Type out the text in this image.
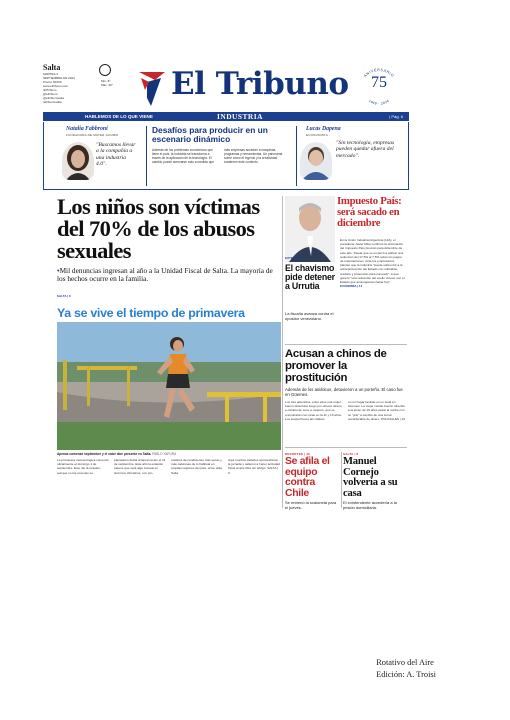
Salta
MARTES 3
SEPTIEMBRE DE 2024
Precio: $1500
www.eltribuno.com
/ElTribuno
@eltribuno
@eltribunosalta
/eltribunosalta
Mín. 8°
Máx. 30° El Tribuno	ANIVERSARIO
1949 · 2024
75
HABLEMOS DE LO QUE VIENE	INDUSTRIA	| Pág. 6
Natalia Fabbroni
FUNDADORA DE MATER GOURM
"Buscamos llevar a la compañía a una industria 4.0".
Desafíos para producir en un escenario dinámico
Además de los problemas económicos que tiene el país, la industria se transforma a través de la aplicación de la tecnología. El cambio puede acercarse más a medida que
más empresas accedan a máquinas, programas y herramientas. Un panorama sobre cómo el ingenio y la creatividad sostienen este contexto.
Lucas Dapena
ECONOMISTA
"Sin tecnología, empresas pueden quedar afuera del mercado".
Los niños son víctimas del 70% de los abusos sexuales
•Mil denuncias ingresan al año a la Unidad Fiscal de Salta. La mayoría de los hechos ocurre en la familia.
SALTA | 6
Ya se vive el tiempo de primavera
Apenas comenzó septiembre y el calor dice presente en Salta. PABLO YAPURA
La primavera meteorológica comenzó oficialmente el domingo 1 de septiembre. Esto dio la ocasión, aunque no las escenas se
plantearon debía arranca recién el 21 de septiembre. Este año la estación parece que será algo inusual en términos climáticos, con pro-
nósticos de condiciones más secas y más calurosas de lo habitual en amplias regiones del país, entre ellas Salta.
Aquí muchos salteños aprovecharon la jornada y salieron a hacer actividad física al aire libre sin abrigo. SALTA | 9
Impuesto País: será sacado en diciembre
En la Unión Industrial Argentina (UIA), el presidente Javier Milei confirmó la eliminación del Impuesto País previsto para diciembre de este año. Desde que se empezó a aplicar una reducción del 17,5% al 7,5% sobre los pagos de importaciones. Ante los empresarios, planteó que la industria "puede sobrevivir a la sobreprotección del Estado con subsidios, créditos y protección para competir". A qué generó "una reducción del cuello vicioso con el Estado que aconsejamos hasta hoy". ECONOMÍA | 14
EXTERIOR | 38
El chavismo pide detener a Urrutia
La fiscalía avanza contra el opositor venezolano.
Acusan a chinos de promover la prostitución
Además de los asiáticos, detuvieron a un porteño. El caso fue en Güemes.
Los tres detenidos, entre ellos una mujer, fueron detenidos luego por ofrecer dinero a cambio de sexo a mujeres, que se encontrarán con otras en la 11 y 13 años. Los sospechosos las citaban
en un hogar familiar en un local en Güemes. La mujer celular fueron ofrecido a la joven de 16 años pasar la noche con su "jefe" a cambio de una suma considerable de dinero. POLICIALES | 22
DEPORTES | 40
Se afila el equipo contra Chile
Se entrenó la scaloneta para el jueves.
SALTA | 8
Manuel Cornejo volvería a su casa
El exintendente accedería a la prisión domiciliaria.
Rotativo del Aire
Edición: A. Troisi
